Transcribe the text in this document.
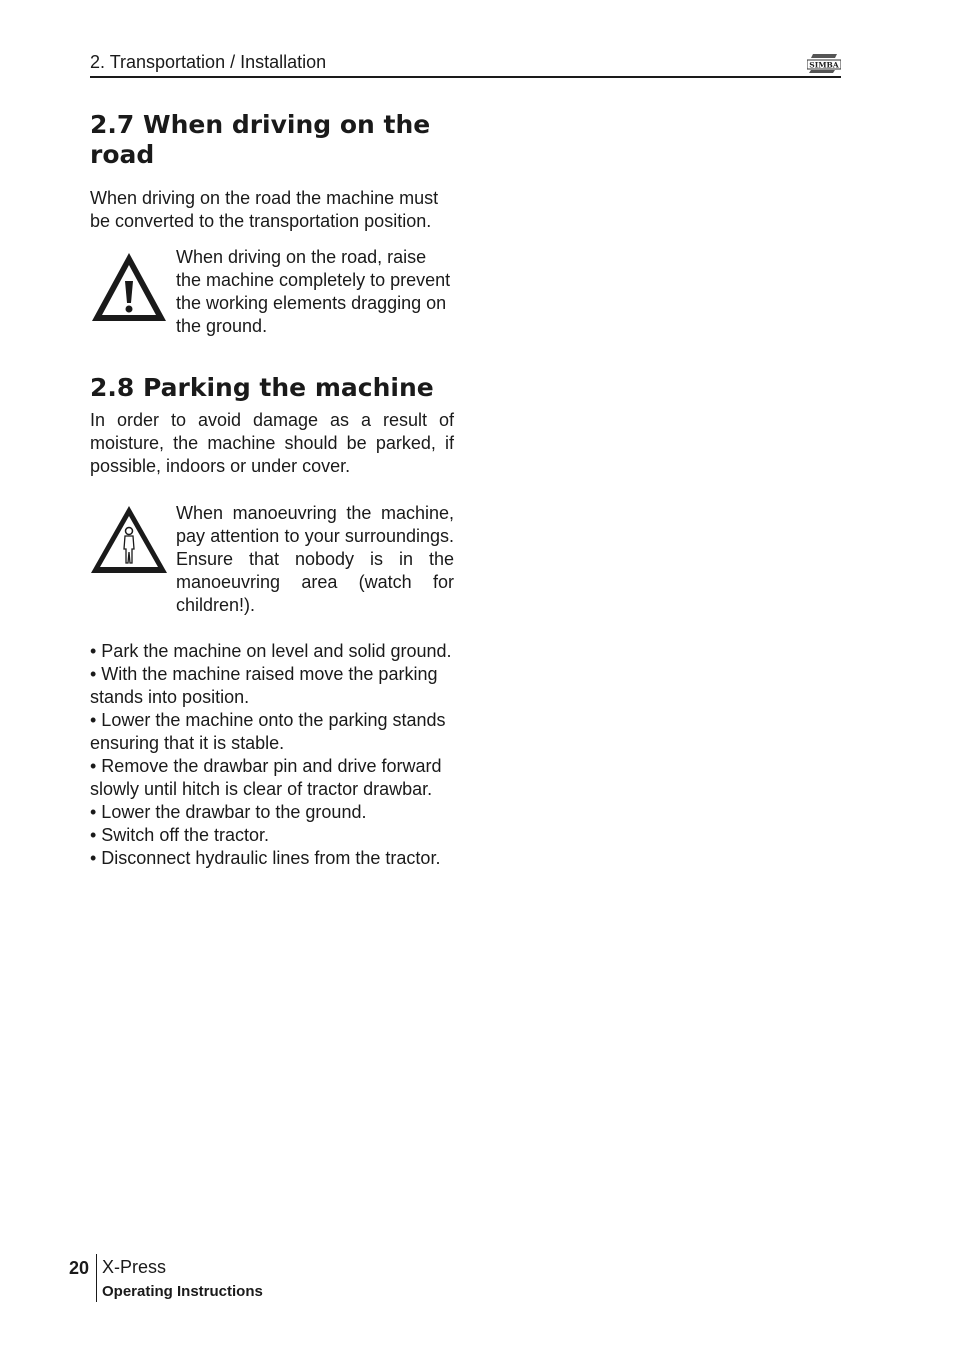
2. Transportation / Installation	SIMBA
2.7 When driving on the road

When driving on the road the machine must be converted to the transportation position.

When driving on the road, raise the machine completely to prevent the working elements dragging on the ground.
2.8 Parking the machine

In order to avoid damage as a result of moisture, the machine should be parked, if possible, indoors or under cover.

When manoeuvring the machine, pay attention to your surroundings. Ensure that nobody is in the manoeuvring area (watch for children!).

• Park the machine on level and solid ground.

• With the machine raised move the parking stands into position.

• Lower the machine onto the parking stands ensuring that it is stable.

• Remove the drawbar pin and drive forward slowly until hitch is clear of tractor drawbar.

• Lower the drawbar to the ground.

• Switch off the tractor.

• Disconnect hydraulic lines from the tractor.

20 X-Press
Operating Instructions
